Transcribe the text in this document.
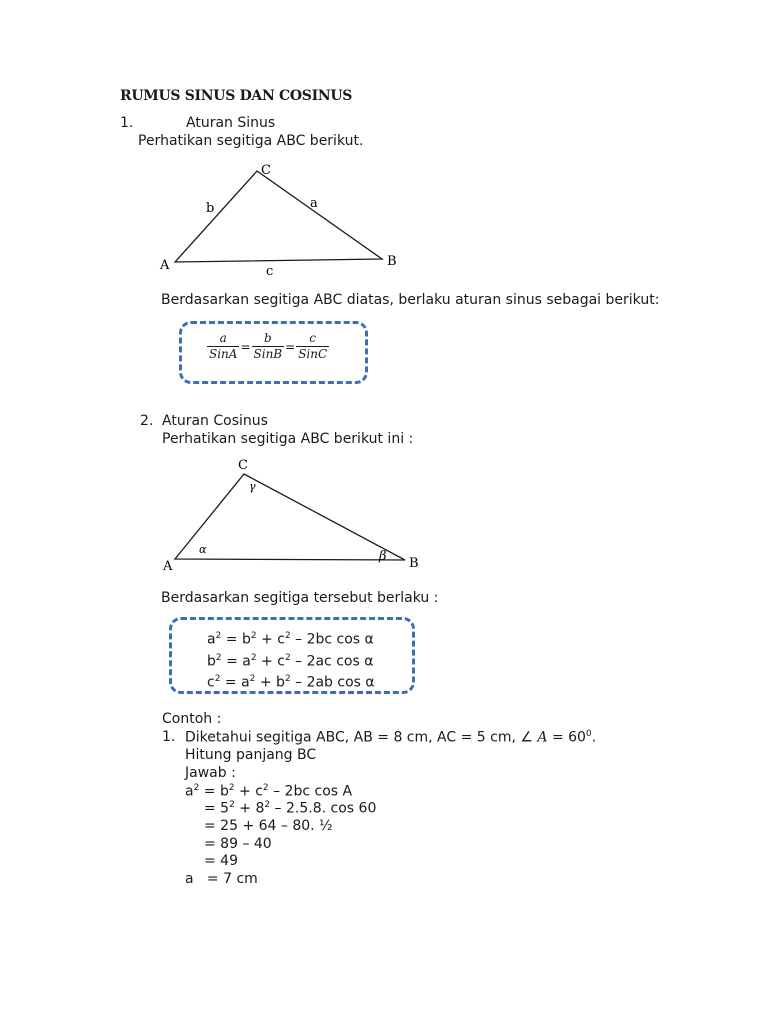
RUMUS SINUS DAN COSINUS
1.	Aturan Sinus
Perhatikan segitiga ABC berikut.
A	B
C
a
b
c
Berdasarkan segitiga ABC diatas, berlaku aturan sinus sebagai berikut:
$\frac{a}{\text{SinA}} = \frac{b}{\text{SinB}} = \frac{c}{\text{SinC}}$
2. Aturan Cosinus
Perhatikan segitiga ABC berikut ini :
A	B
C
α	β
γ
Berdasarkan segitiga tersebut berlaku :
$a^2 = b^2 + c^2 - 2bc$ cos α
$b^2 = a^2 + c^2 - 2ac$ cos α
$c^2 = a^2 + b^2 - 2ab$ cos α
Contoh :
1. Diketahui segitiga ABC, AB = 8 cm, AC = 5 cm, ∠ $A = 60^0$.
Hitung panjang BC
Jawab :
$a^2 = b^2 + c^2 - 2bc$ cos A
= $5^2 + 8^2 - 2.5.8$. cos 60
= 25 + 64 – 80. ½
= 89 – 40
= 49
a   = 7 cm
